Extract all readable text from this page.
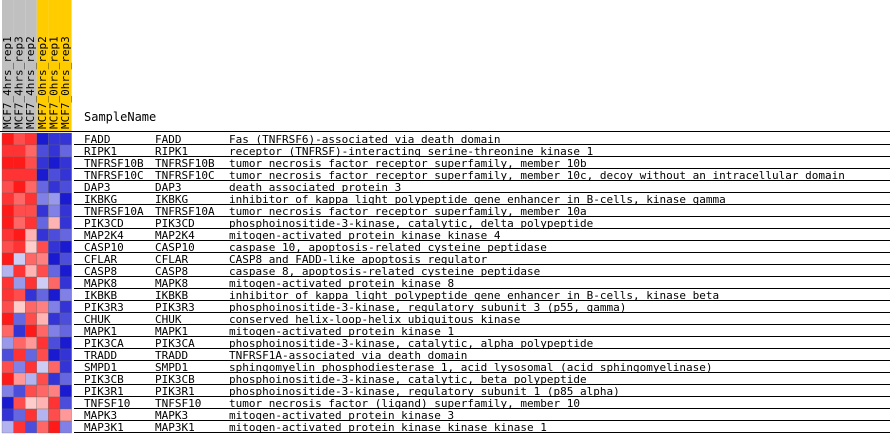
MCF7_4hrs_rep1
MCF7_4hrs_rep3
MCF7_4hrs_rep2
MCF7_0hrs_rep2
MCF7_0hrs_rep1
MCF7_0hrs_rep3 SampleName
FADD	FADD	Fas (TNFRSF6)-associated via death domain
RIPK1	RIPK1	receptor (TNFRSF)-interacting serine-threonine kinase 1
TNFRSF10B TNFRSF10B tumor necrosis factor receptor superfamily, member 10b
TNFRSF10C TNFRSF10C tumor necrosis factor receptor superfamily, member 10c, decoy without an intracellular domain
DAP3	DAP3	death associated protein 3
IKBKG	IKBKG	inhibitor of kappa light polypeptide gene enhancer in B-cells, kinase gamma
TNFRSF10A TNFRSF10A tumor necrosis factor receptor superfamily, member 10a
PIK3CD	PIK3CD	phosphoinositide-3-kinase, catalytic, delta polypeptide
MAP2K4	MAP2K4	mitogen-activated protein kinase kinase 4
CASP10	CASP10	caspase 10, apoptosis-related cysteine peptidase
CFLAR	CFLAR	CASP8 and FADD-like apoptosis regulator
CASP8	CASP8	caspase 8, apoptosis-related cysteine peptidase
MAPK8	MAPK8	mitogen-activated protein kinase 8
IKBKB	IKBKB	inhibitor of kappa light polypeptide gene enhancer in B-cells, kinase beta
PIK3R3	PIK3R3	phosphoinositide-3-kinase, regulatory subunit 3 (p55, gamma)
CHUK	CHUK	conserved helix-loop-helix ubiquitous kinase
MAPK1	MAPK1	mitogen-activated protein kinase 1
PIK3CA	PIK3CA	phosphoinositide-3-kinase, catalytic, alpha polypeptide
TRADD	TRADD	TNFRSF1A-associated via death domain
SMPD1	SMPD1	sphingomyelin phosphodiesterase 1, acid lysosomal (acid sphingomyelinase)
PIK3CB	PIK3CB	phosphoinositide-3-kinase, catalytic, beta polypeptide
PIK3R1	PIK3R1	phosphoinositide-3-kinase, regulatory subunit 1 (p85 alpha)
TNFSF10 TNFSF10	tumor necrosis factor (ligand) superfamily, member 10
MAPK3	MAPK3	mitogen-activated protein kinase 3
MAP3K1	MAP3K1	mitogen-activated protein kinase kinase kinase 1
